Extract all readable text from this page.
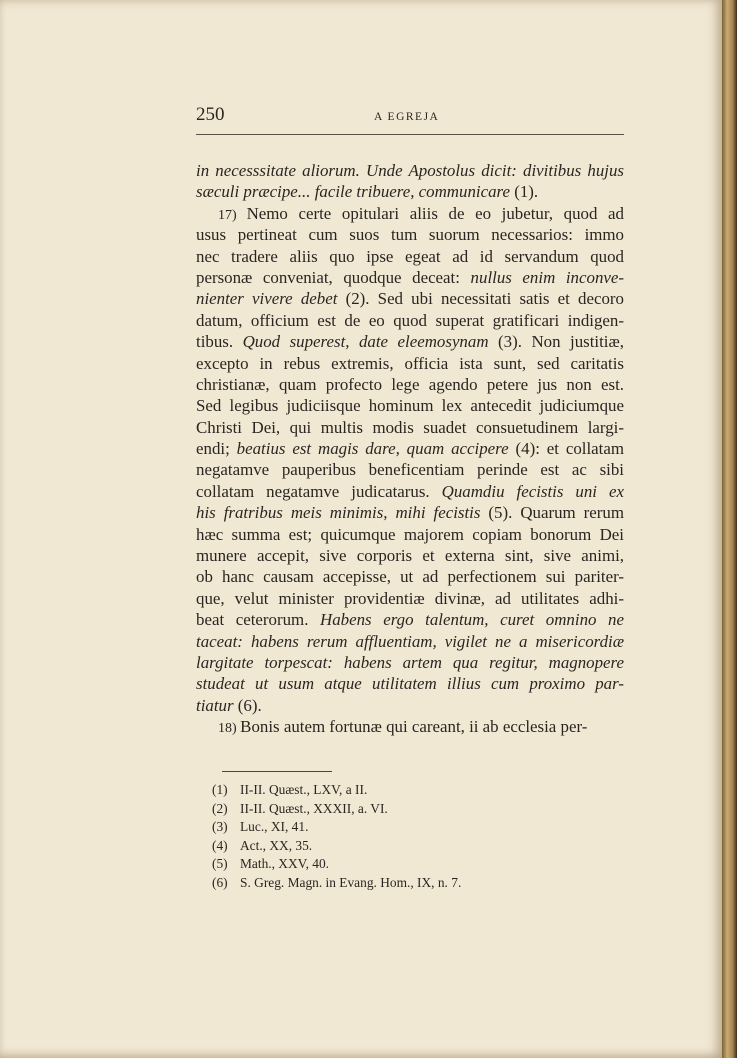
250	A EGREJA
in necesssitate aliorum. Unde Apostolus dicit: divitibus hujus
sæculi præcipe... facile tribuere, communicare (1).
17) Nemo certe opitulari aliis de eo jubetur, quod ad
usus pertineat cum suos tum suorum necessarios: immo
nec tradere aliis quo ipse egeat ad id servandum quod
personæ conveniat, quodque deceat: nullus enim inconve-
nienter vivere debet (2). Sed ubi necessitati satis et decoro
datum, officium est de eo quod superat gratificari indigen-
tibus. Quod superest, date eleemosynam (3). Non justitiæ,
excepto in rebus extremis, officia ista sunt, sed caritatis
christianæ, quam profecto lege agendo petere jus non est.
Sed legibus judiciisque hominum lex antecedit judiciumque
Christi Dei, qui multis modis suadet consuetudinem largi-
endi; beatius est magis dare, quam accipere (4): et collatam
negatamve pauperibus beneficentiam perinde est ac sibi
collatam negatamve judicatarus. Quamdiu fecistis uni ex
his fratribus meis minimis, mihi fecistis (5). Quarum rerum
hæc summa est; quicumque majorem copiam bonorum Dei
munere accepit, sive corporis et externa sint, sive animi,
ob hanc causam accepisse, ut ad perfectionem sui pariter-
que, velut minister providentiæ divinæ, ad utilitates adhi-
beat ceterorum. Habens ergo talentum, curet omnino ne
taceat: habens rerum affluentiam, vigilet ne a misericordiæ
largitate torpescat: habens artem qua regitur, magnopere
studeat ut usum atque utilitatem illius cum proximo par-
tiatur (6).
18) Bonis autem fortunæ qui careant, ii ab ecclesia per-
(1) II-II. Quæst., LXV, a II.
(2) II-II. Quæst., XXXII, a. VI.
(3) Luc., XI, 41.
(4) Act., XX, 35.
(5) Math., XXV, 40.
(6) S. Greg. Magn. in Evang. Hom., IX, n. 7.
